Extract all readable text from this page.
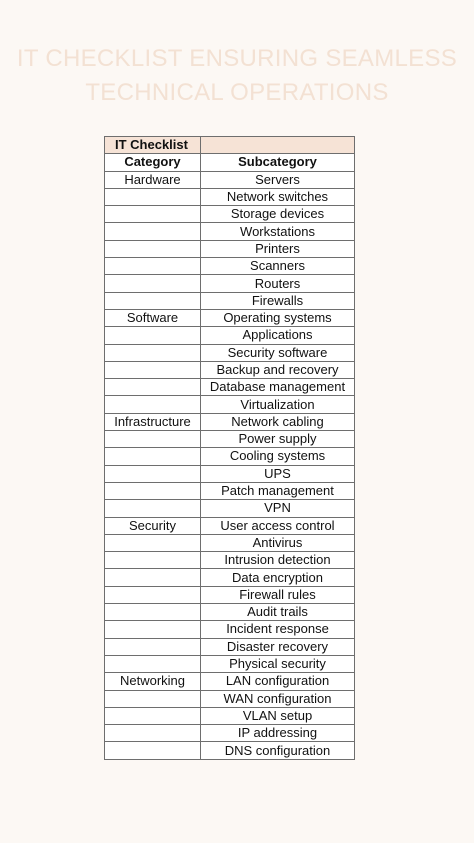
IT CHECKLIST ENSURING SEAMLESS
TECHNICAL OPERATIONS
IT Checklist	
Category	Subcategory
Hardware	Servers
	Network switches
	Storage devices
	Workstations
	Printers
	Scanners
	Routers
	Firewalls
Software	Operating systems
	Applications
	Security software
	Backup and recovery
	Database management
	Virtualization
Infrastructure	Network cabling
	Power supply
	Cooling systems
	UPS
	Patch management
	VPN
Security	User access control
	Antivirus
	Intrusion detection
	Data encryption
	Firewall rules
	Audit trails
	Incident response
	Disaster recovery
	Physical security
Networking	LAN configuration
	WAN configuration
	VLAN setup
	IP addressing
	DNS configuration
